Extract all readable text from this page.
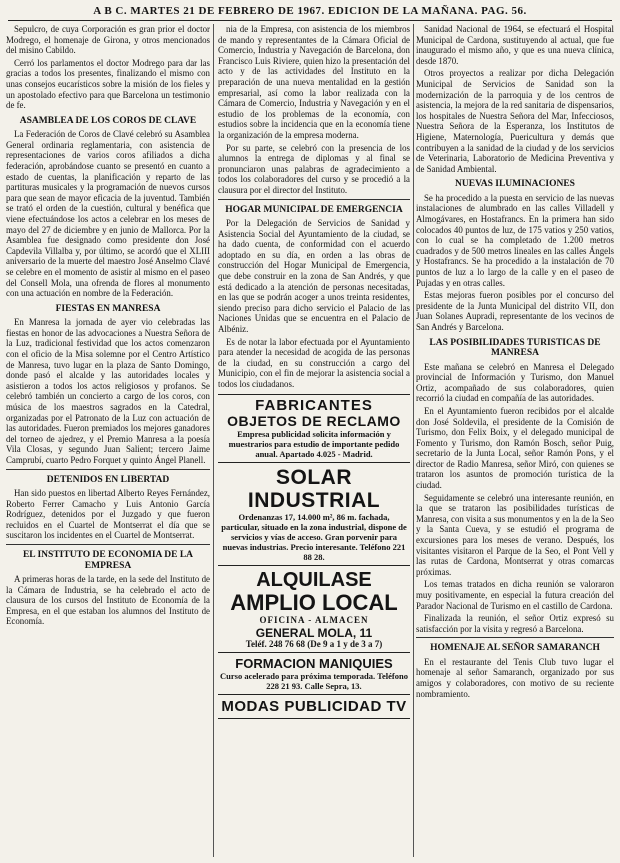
A B C. MARTES 21 DE FEBRERO DE 1967. EDICION DE LA MAÑANA. PAG. 56.

Sepulcro, de cuya Corporación es gran prior el doctor Modrego, el homenaje de Girona, y otros mencionados del misino Cabildo.

Cerró los parlamentos el doctor Modrego para dar las gracias a todos los presentes, finalizando el mismo con unas consejos eucarísticos sobre la misión de los fieles y un apostolado efectivo para que Barcelona un testimonio de fe.

ASAMBLEA DE LOS COROS DE CLAVE

La Federación de Coros de Clavé celebró su Asamblea General ordinaria reglamentaria, con asistencia de representaciones de varios coros afiliados a dicha federación, aprobándose cuanto se presentó en cuanto a estado de cuentas, la planificación y reparto de las partituras musicales y la programación de nuevos cursos para que sean de mayor eficacia de la juventud. También se trató el orden de la cuestión, cultural y benéfica que viene efectuándose los actos a celebrar en los meses de mayo del 27 de diciembre y en junio de Mallorca. Por la Asamblea fue designado como presidente don José Capdevila Villalba y, por último, se acordó que el XLIII aniversario de la muerte del maestro José Anselmo Clavé se celebre en el momento de asistir al mismo en el paseo del Consell Mola, una ofrenda de flores al monumento con una actuación en nombre de la Federación.

FIESTAS EN MANRESA

En Manresa la jornada de ayer vio celebradas las fiestas en honor de las advocaciones a Nuestra Señora de la Luz, tradicional festividad que los actos comenzaron con el oficio de la Misa solemne por el Centro Artístico de Manresa, tuvo lugar en la plaza de Santo Domingo, donde pasó el alcalde y las autoridades locales y asistieron a todos los actos religiosos y profanos. Se celebró también un concierto a cargo de los coros, con música de los maestros sagrados en la Catedral, organizadas por el Patronato de la Luz con actuación de las autoridades. Fueron premiados los mejores ganadores del torneo de ajedrez, y el Premio Manresa a la poesía Vila Closas, y segundo Juan Salient; tercero Jaime Camprubí, cuarto Pedro Forquet y quinto Ángel Planell.

DETENIDOS EN LIBERTAD

Han sido puestos en libertad Alberto Reyes Fernández, Roberto Ferrer Camacho y Luis Antonio García Rodríguez, detenidos por el Juzgado y que fueron recluidos en el Cuartel de Montserrat el día que se suscitaron los incidentes en el Cuartel de Montserrat.

EL INSTITUTO DE ECONOMIA DE LA EMPRESA

A primeras horas de la tarde, en la sede del Instituto de la Cámara de Industria, se ha celebrado el acto de clausura de los cursos del Instituto de Economía de la Empresa, en el que estaban los alumnos del Instituto de Economía.

nia de la Empresa, con asistencia de los miembros de mando y representantes de la Cámara Oficial de Comercio, Industria y Navegación de Barcelona, don Francisco Luis Riviere, quien hizo la presentación del acto y de las actividades del Instituto en la preparación de una nueva mentalidad en la gestión empresarial, así como la labor realizada con la Cámara de Comercio, Industria y Navegación y en el estudio de los problemas de la economía, con estudios sobre la incidencia que en la economía tiene la organización de la empresa moderna.

Por su parte, se celebró con la presencia de los alumnos la entrega de diplomas y al final se pronunciaron unas palabras de agradecimiento a todos los colaboradores del curso y se procedió a la clausura por el director del Instituto.

HOGAR MUNICIPAL DE EMERGENCIA

Por la Delegación de Servicios de Sanidad y Asistencia Social del Ayuntamiento de la ciudad, se ha dado cuenta, de conformidad con el acuerdo adoptado en su día, en orden a las obras de construcción del Hogar Municipal de Emergencia, que debe construir en la zona de San Andrés, y que está dedicado a la atención de personas necesitadas, en las que se podrán acoger a unos treinta residentes, siendo preciso para dicho servicio el Palacio de las Naciones Unidas que se encuentra en el Palacio de Albéniz.

Es de notar la labor efectuada por el Ayuntamiento para atender la necesidad de acogida de las personas de la ciudad, en su construcción a cargo del Municipio, con el fin de mejorar la asistencia social a todos los ciudadanos.

FABRICANTES
OBJETOS DE RECLAMO
Empresa publicidad solicita información y muestrarios para estudio de importante pedido anual. Apartado 4.025 - Madrid.
SOLAR INDUSTRIAL
Ordenanzas 17, 14.000 m², 86 m. fachada, particular, situado en la zona industrial, dispone de servicios y vías de acceso. Gran porvenir para nuevas industrias. Precio interesante. Teléfono 221 88 28.
ALQUILASE
AMPLIO LOCAL
OFICINA - ALMACEN
GENERAL MOLA, 11
Teléf. 248 76 68 (De 9 a 1 y de 3 a 7)
FORMACION MANIQUIES
Curso acelerado para próxima temporada. Teléfono 228 21 93. Calle Sepra, 13.
MODAS PUBLICIDAD TV

Sanidad Nacional de 1964, se efectuará el Hospital Municipal de Cardona, sustituyendo al actual, que fue inaugurado el mismo año, y que es una nueva clínica, desde 1870.

Otros proyectos a realizar por dicha Delegación Municipal de Servicios de Sanidad son la modernización de la parroquia y de los centros de asistencia, la mejora de la red sanitaria de dispensarios, los hospitales de Nuestra Señora del Mar, Infecciosos, Nuestra Señora de la Esperanza, los Institutos de Higiene, Maternología, Puericultura y demás que contribuyen a la sanidad de la ciudad y de los servicios de Veterinaria, Laboratorio de Medicina Preventiva y de Sanidad Ambiental.

NUEVAS ILUMINACIONES

Se ha procedido a la puesta en servicio de las nuevas instalaciones de alumbrado en las calles Villadell y Almogávares, en Hostafrancs. En la primera han sido colocados 40 puntos de luz, de 175 vatios y 250 vatios, con lo cual se ha completado de 1.200 metros cuadrados y de 500 metros lineales en las calles Ángels y Hostafrancs. Se ha procedido a la instalación de 70 puntos de luz a lo largo de la calle y en el paseo de Pujadas y en otras calles.

Estas mejoras fueron posibles por el concurso del presidente de la Junta Municipal del distrito VII, don Juan Solanes Aupradi, representante de los vecinos de San Andrés y Barcelona.

LAS POSIBILIDADES TURISTICAS DE MANRESA

Este mañana se celebró en Manresa el Delegado provincial de Información y Turismo, don Manuel Ortiz, acompañado de sus colaboradores, quien recorrió la ciudad en compañía de las autoridades.

En el Ayuntamiento fueron recibidos por el alcalde don José Soldevila, el presidente de la Comisión de Turismo, don Felix Boix, y el delegado municipal de Fomento y Turismo, don Ramón Bosch, señor Puig, secretario de la Junta Local, señor Ramón Pons, y el director de Radio Manresa, señor Miró, con quienes se trataron los asuntos de promoción turística de la ciudad.

Seguidamente se celebró una interesante reunión, en la que se trataron las posibilidades turísticas de Manresa, con visita a sus monumentos y en la de la Seo y la Santa Cueva, y se estudió el programa de excursiones para los meses de verano. Después, los visitantes visitaron el Parque de la Seo, el Pont Vell y las rutas de Cardona, Montserrat y otras comarcas próximas.

Los temas tratados en dicha reunión se valoraron muy positivamente, en especial la futura creación del Parador Nacional de Turismo en el castillo de Cardona.

Finalizada la reunión, el señor Ortiz expresó su satisfacción por la visita y regresó a Barcelona.

HOMENAJE AL SEÑOR SAMARANCH

En el restaurante del Tenis Club tuvo lugar el homenaje al señor Samaranch, organizado por sus amigos y colaboradores, con motivo de su reciente nombramiento.
